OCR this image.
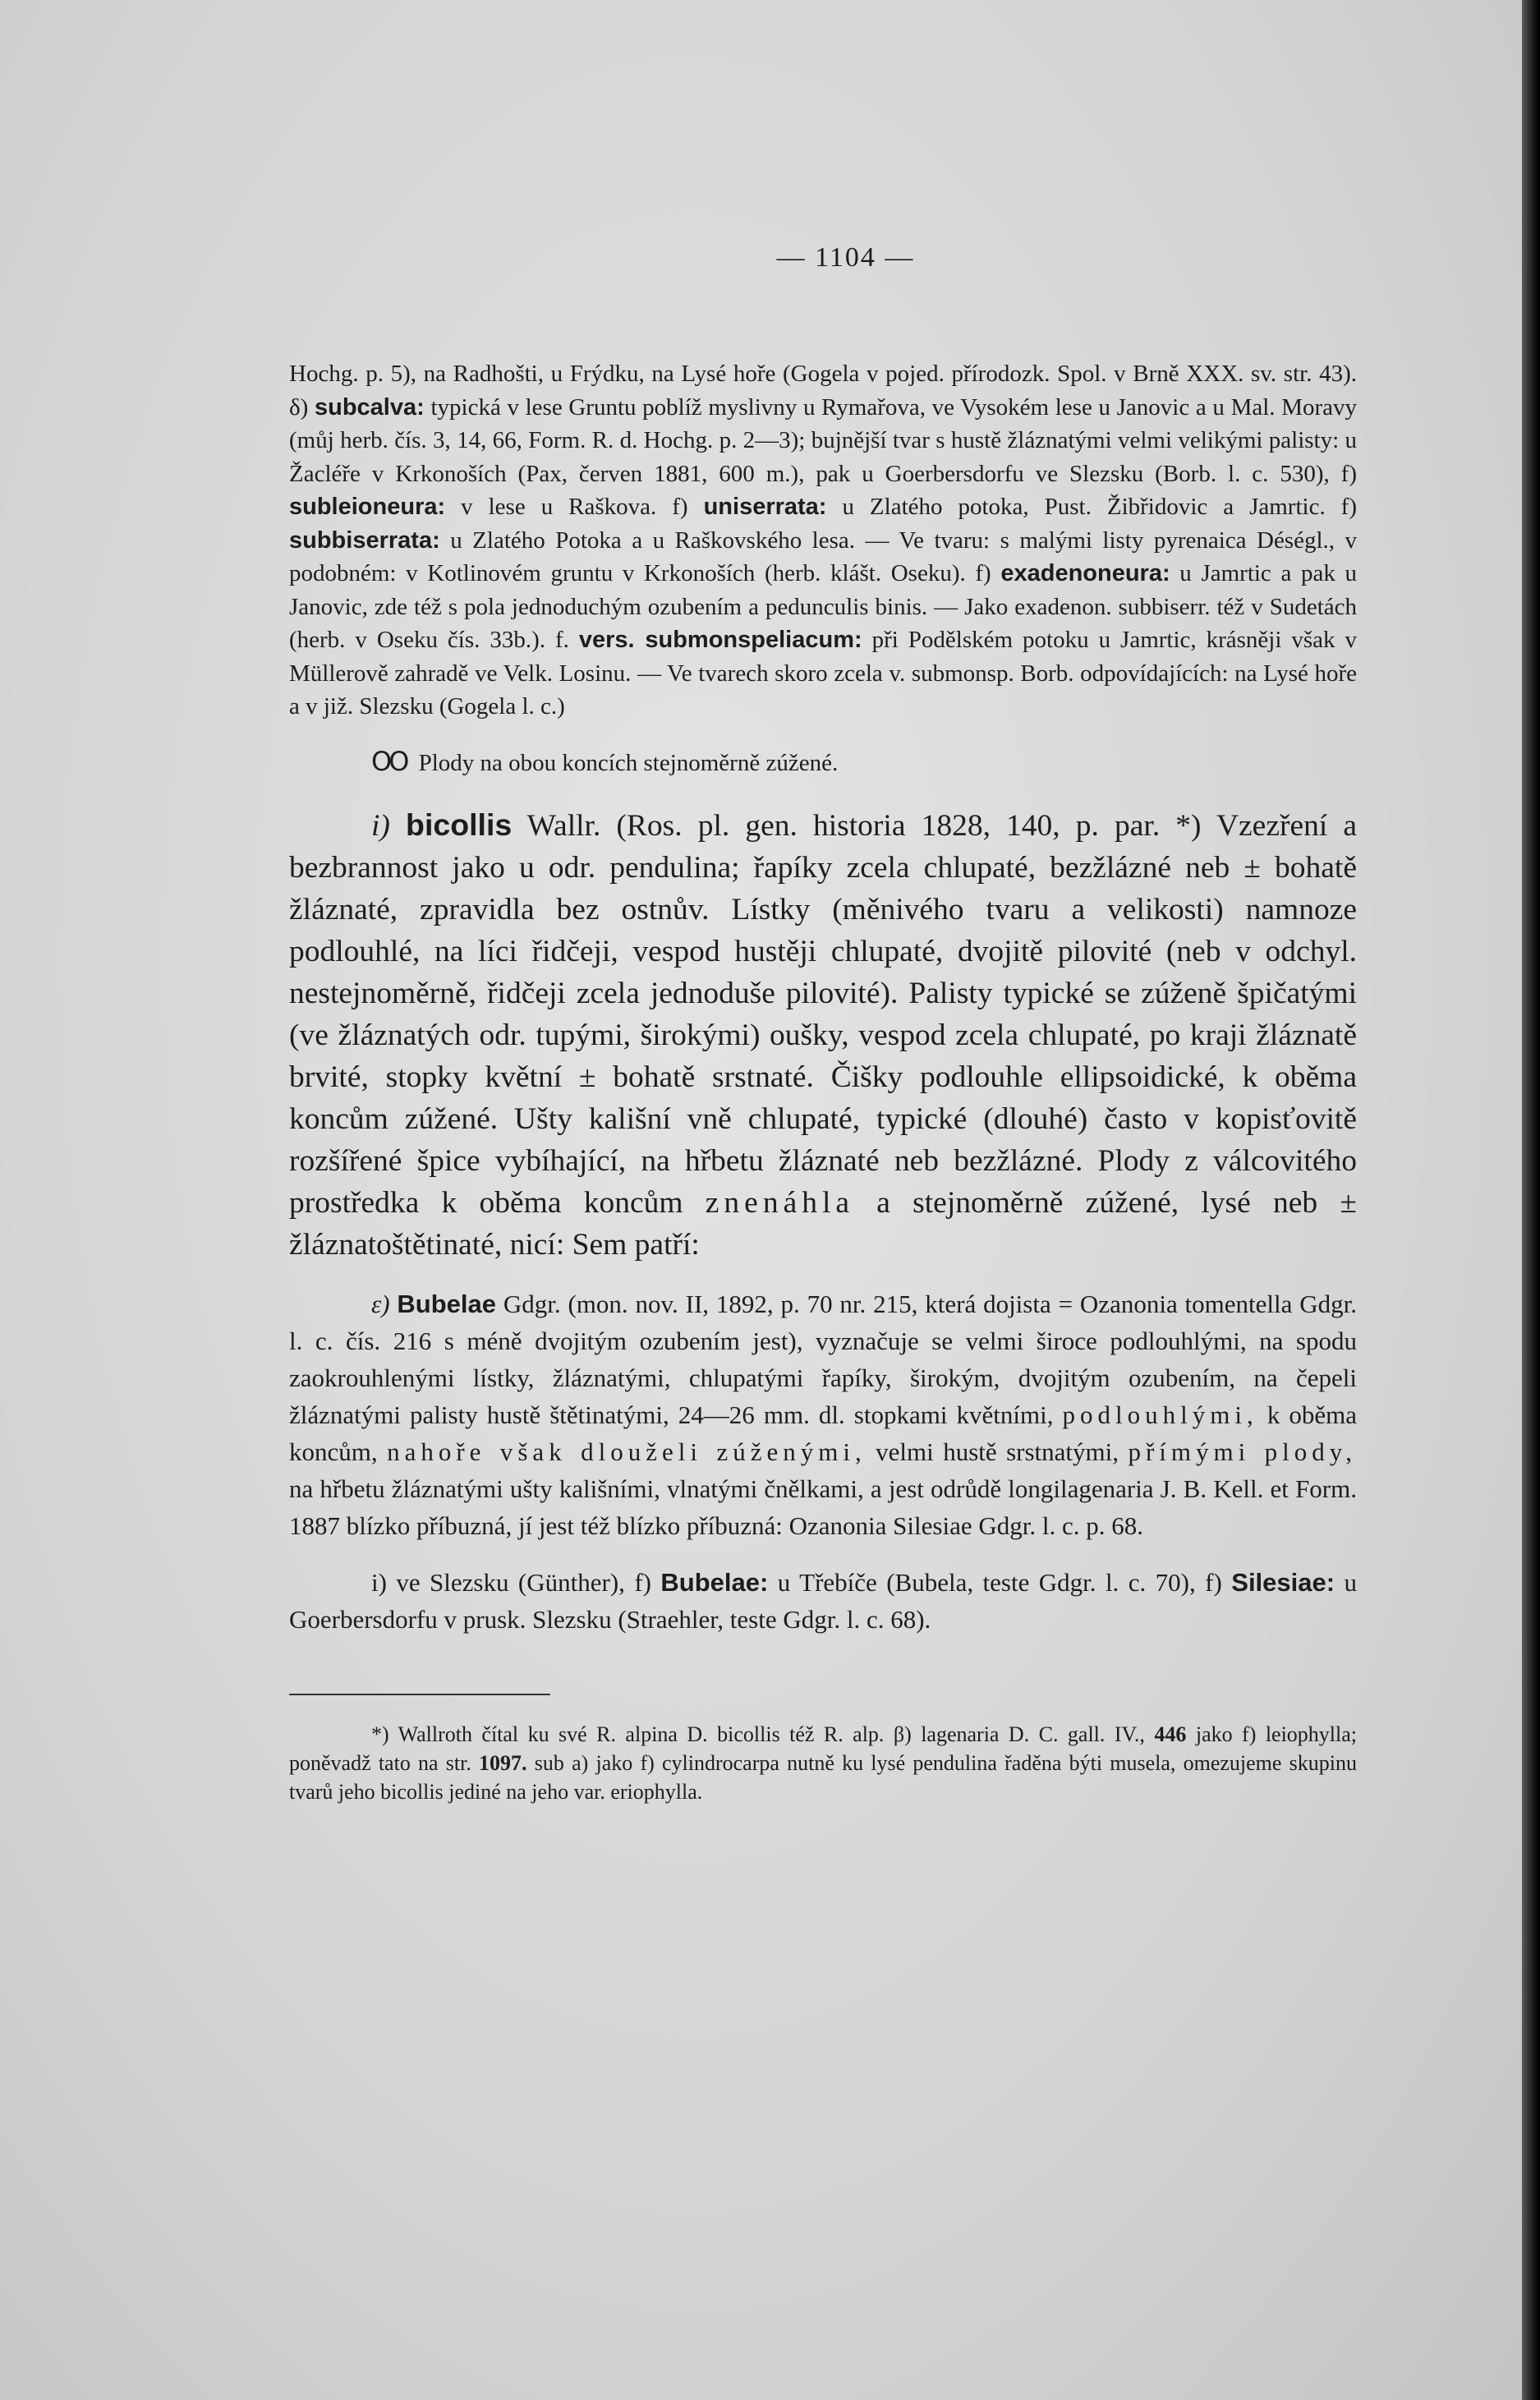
— 1104 —

Hochg. p. 5), na Radhošti, u Frýdku, na Lysé hoře (Gogela v pojed. přírodozk. Spol. v Brně XXX. sv. str. 43). δ) subcalva: typická v lese Gruntu poblíž myslivny u Rymařova, ve Vysokém lese u Janovic a u Mal. Moravy (můj herb. čís. 3, 14, 66, Form. R. d. Hochg. p. 2—3); bujnější tvar s hustě žláznatými velmi velikými palisty: u Žacléře v Krkonoších (Pax, červen 1881, 600 m.), pak u Goerbersdorfu ve Slezsku (Borb. l. c. 530), f) subleioneura: v lese u Raškova. f) uniserrata: u Zlatého potoka, Pust. Žibřidovic a Jamrtic. f) subbiserrata: u Zlatého Potoka a u Raškovského lesa. — Ve tvaru: s malými listy pyrenaica Déségl., v podobném: v Kotlinovém gruntu v Krkonoších (herb. klášt. Oseku). f) exadenoneura: u Jamrtic a pak u Janovic, zde též s pola jednoduchým ozubením a pedunculis binis. — Jako exadenon. subbiserr. též v Sudetách (herb. v Oseku čís. 33b.). f. vers. submonspeliacum: při Podělském potoku u Jamrtic, krásněji však v Müllerově zahradě ve Velk. Losinu. — Ve tvarech skoro zcela v. submonsp. Borb. odpovídajících: na Lysé hoře a v již. Slezsku (Gogela l. c.)

OO Plody na obou koncích stejnoměrně zúžené.

i) bicollis Wallr. (Ros. pl. gen. historia 1828, 140, p. par. *) Vzezření a bezbrannost jako u odr. pendulina; řapíky zcela chlupaté, bezžlázné neb ± bohatě žláznaté, zpravidla bez ostnův. Lístky (měnivého tvaru a velikosti) namnoze podlouhlé, na líci řidčeji, vespod hustěji chlupaté, dvojitě pilovité (neb v odchyl. nestejnoměrně, řidčeji zcela jednoduše pilovité). Palisty typické se zúženě špičatými (ve žláznatých odr. tupými, širokými) oušky, vespod zcela chlupaté, po kraji žláznatě brvité, stopky květní ± bohatě srstnaté. Čišky podlouhle ellipsoidické, k oběma koncům zúžené. Ušty kališní vně chlupaté, typické (dlouhé) často v kopisťovitě rozšířené špice vybíhající, na hřbetu žláznaté neb bezžlázné. Plody z válcovitého prostředka k oběma koncům znenáhla a stejnoměrně zúžené, lysé neb ± žláznatoštětinaté, nicí: Sem patří:

ε) Bubelae Gdgr. (mon. nov. II, 1892, p. 70 nr. 215, která dojista = Ozanonia tomentella Gdgr. l. c. čís. 216 s méně dvojitým ozubením jest), vyznačuje se velmi široce podlouhlými, na spodu zaokrouhlenými lístky, žláznatými, chlupatými řapíky, širokým, dvojitým ozubením, na čepeli žláznatými palisty hustě štětinatými, 24—26 mm. dl. stopkami květními, podlouhlými, k oběma koncům, nahoře však dlouželi zúženými, velmi hustě srstnatými, přímými plody, na hřbetu žláznatými ušty kališními, vlnatými čnělkami, a jest odrůdě longilagenaria J. B. Kell. et Form. 1887 blízko příbuzná, jí jest též blízko příbuzná: Ozanonia Silesiae Gdgr. l. c. p. 68.

i) ve Slezsku (Günther), f) Bubelae: u Třebíče (Bubela, teste Gdgr. l. c. 70), f) Silesiae: u Goerbersdorfu v prusk. Slezsku (Straehler, teste Gdgr. l. c. 68).

*) Wallroth čítal ku své R. alpina D. bicollis též R. alp. β) lagenaria D. C. gall. IV., 446 jako f) leiophylla; poněvadž tato na str. 1097. sub a) jako f) cylindrocarpa nutně ku lysé pendulina řaděna býti musela, omezujeme skupinu tvarů jeho bicollis jediné na jeho var. eriophylla.
